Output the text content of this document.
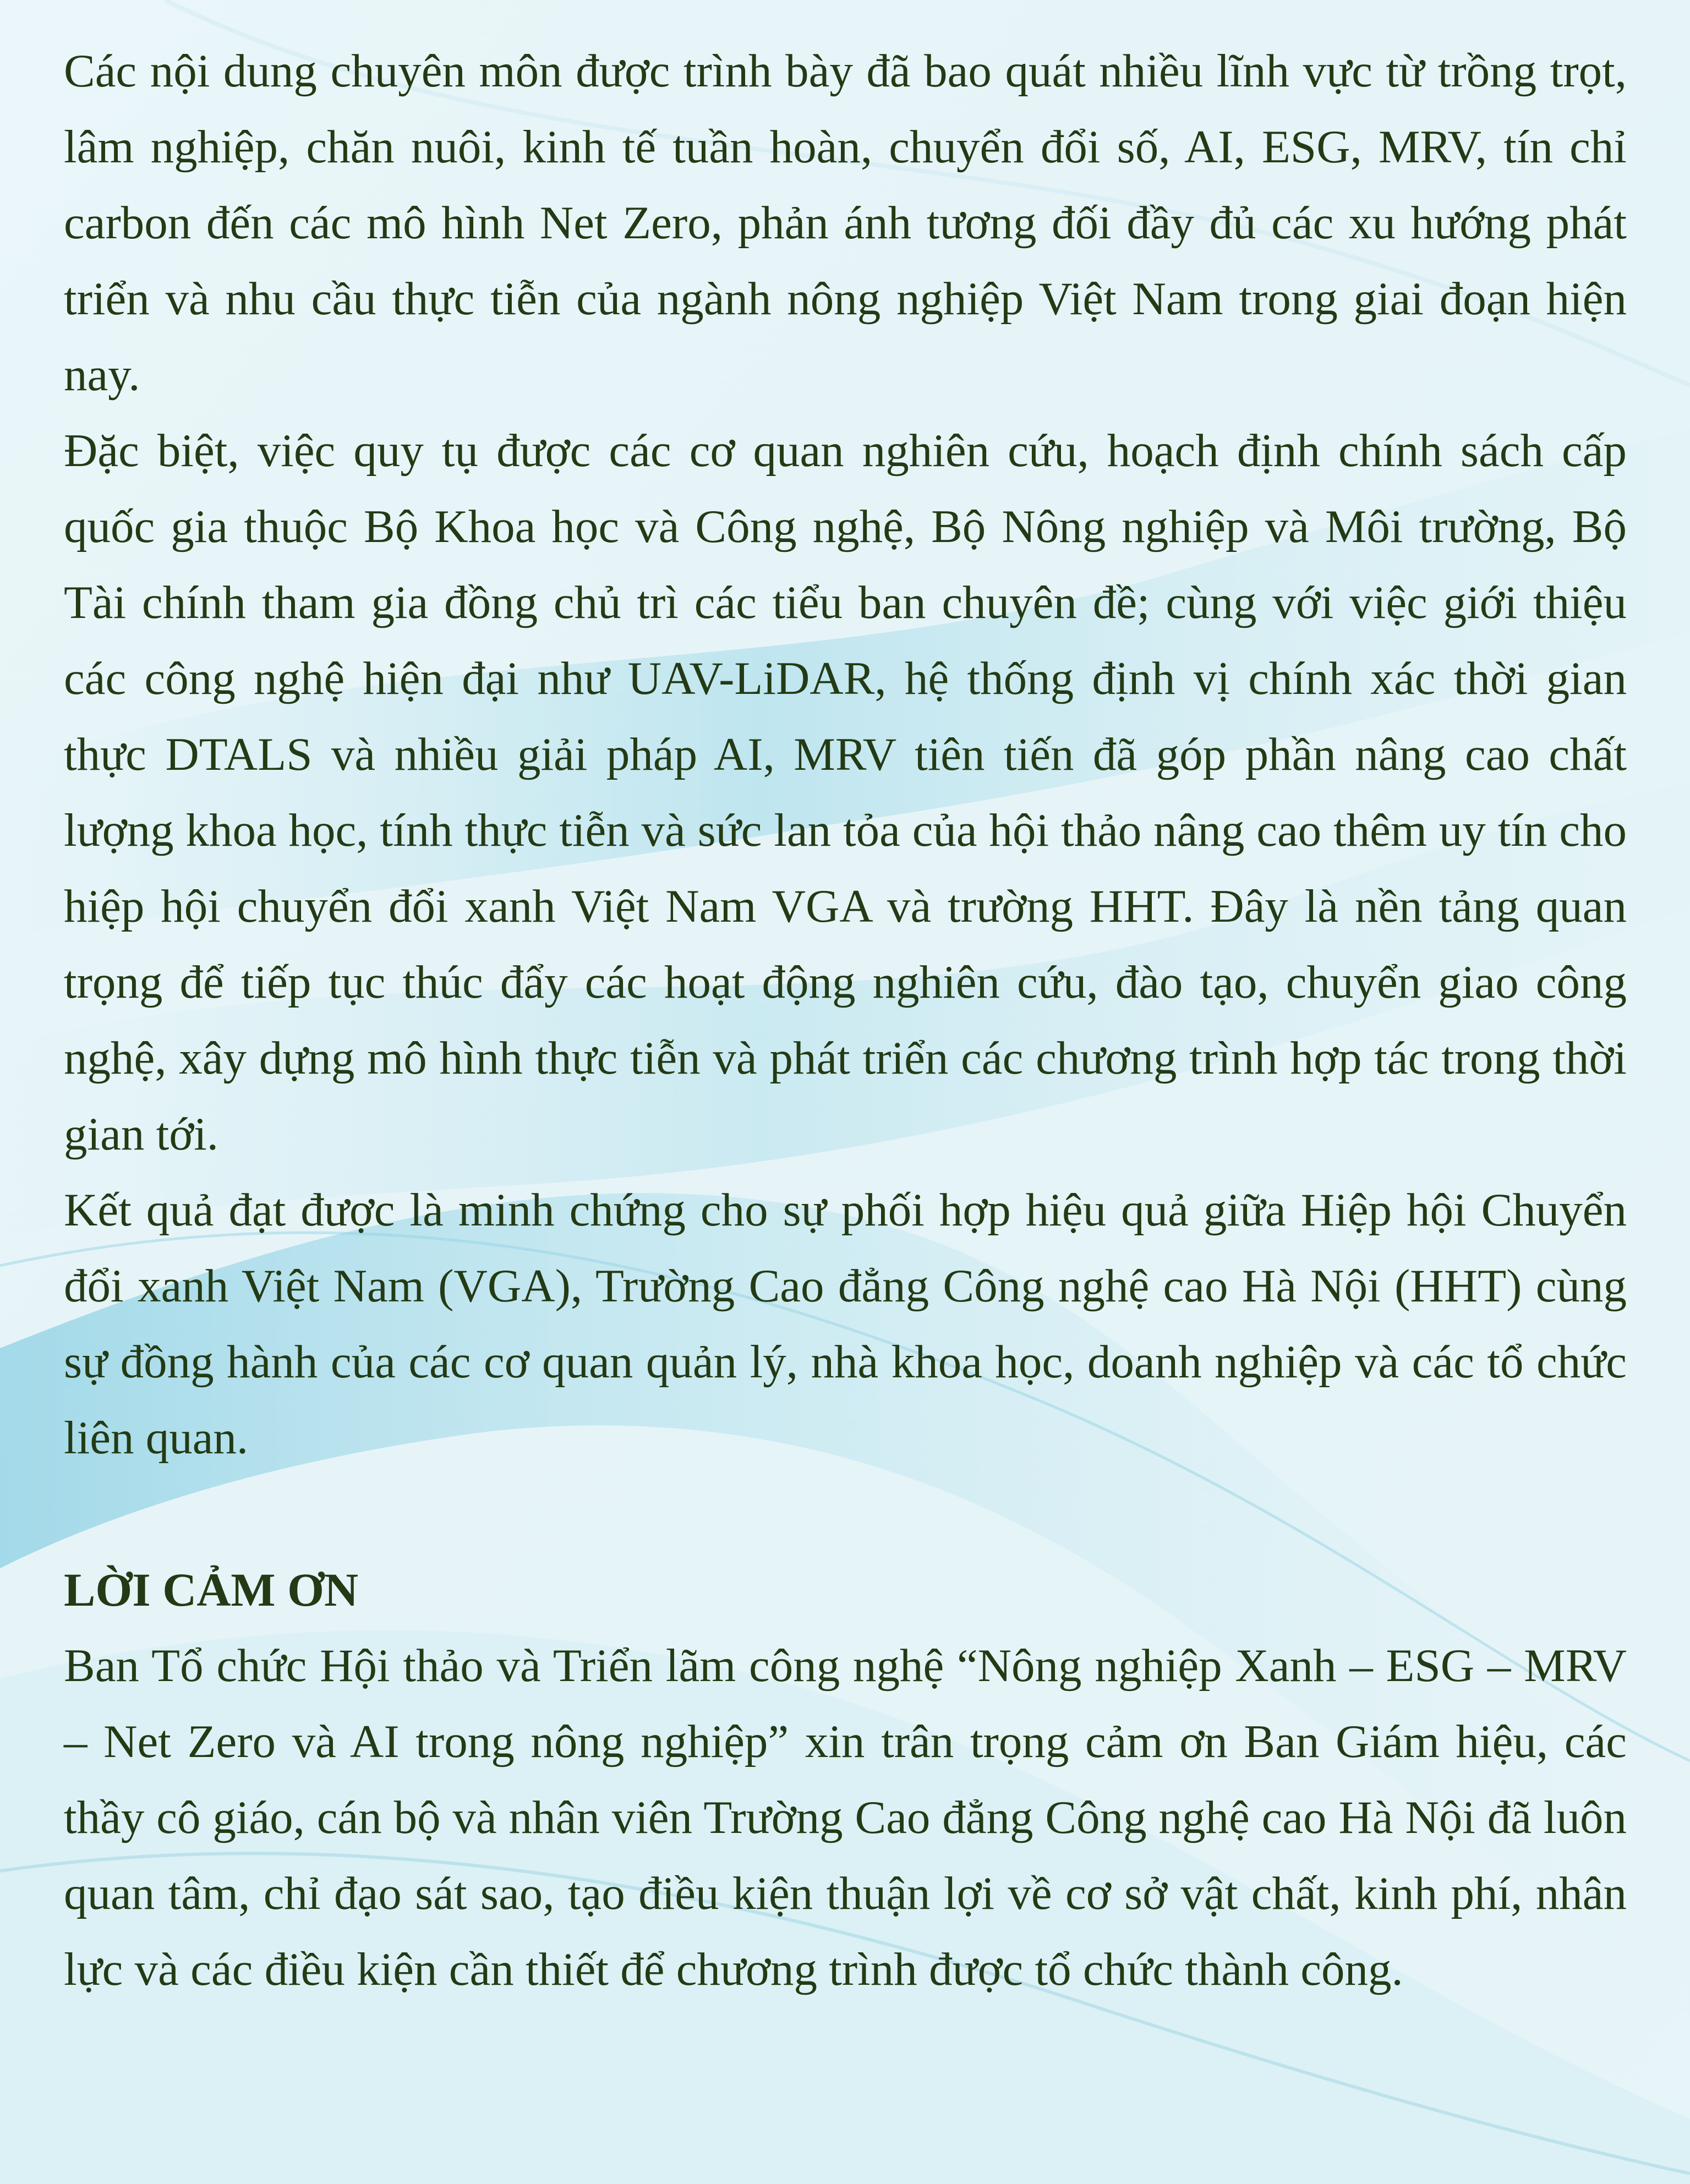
Các nội dung chuyên môn được trình bày đã bao quát nhiều lĩnh vực từ trồng trọt, lâm nghiệp, chăn nuôi, kinh tế tuần hoàn, chuyển đổi số, AI, ESG, MRV, tín chỉ carbon đến các mô hình Net Zero, phản ánh tương đối đầy đủ các xu hướng phát triển và nhu cầu thực tiễn của ngành nông nghiệp Việt Nam trong giai đoạn hiện nay.

Đặc biệt, việc quy tụ được các cơ quan nghiên cứu, hoạch định chính sách cấp quốc gia thuộc Bộ Khoa học và Công nghệ, Bộ Nông nghiệp và Môi trường, Bộ Tài chính tham gia đồng chủ trì các tiểu ban chuyên đề; cùng với việc giới thiệu các công nghệ hiện đại như UAV-LiDAR, hệ thống định vị chính xác thời gian thực DTALS và nhiều giải pháp AI, MRV tiên tiến đã góp phần nâng cao chất lượng khoa học, tính thực tiễn và sức lan tỏa của hội thảo nâng cao thêm uy tín cho hiệp hội chuyển đổi xanh Việt Nam VGA và trường HHT. Đây là nền tảng quan trọng để tiếp tục thúc đẩy các hoạt động nghiên cứu, đào tạo, chuyển giao công nghệ, xây dựng mô hình thực tiễn và phát triển các chương trình hợp tác trong thời gian tới.

Kết quả đạt được là minh chứng cho sự phối hợp hiệu quả giữa Hiệp hội Chuyển đổi xanh Việt Nam (VGA), Trường Cao đẳng Công nghệ cao Hà Nội (HHT) cùng sự đồng hành của các cơ quan quản lý, nhà khoa học, doanh nghiệp và các tổ chức liên quan.

LỜI CẢM ƠN

Ban Tổ chức Hội thảo và Triển lãm công nghệ “Nông nghiệp Xanh – ESG – MRV – Net Zero và AI trong nông nghiệp” xin trân trọng cảm ơn Ban Giám hiệu, các thầy cô giáo, cán bộ và nhân viên Trường Cao đẳng Công nghệ cao Hà Nội đã luôn quan tâm, chỉ đạo sát sao, tạo điều kiện thuận lợi về cơ sở vật chất, kinh phí, nhân lực và các điều kiện cần thiết để chương trình được tổ chức thành công.
